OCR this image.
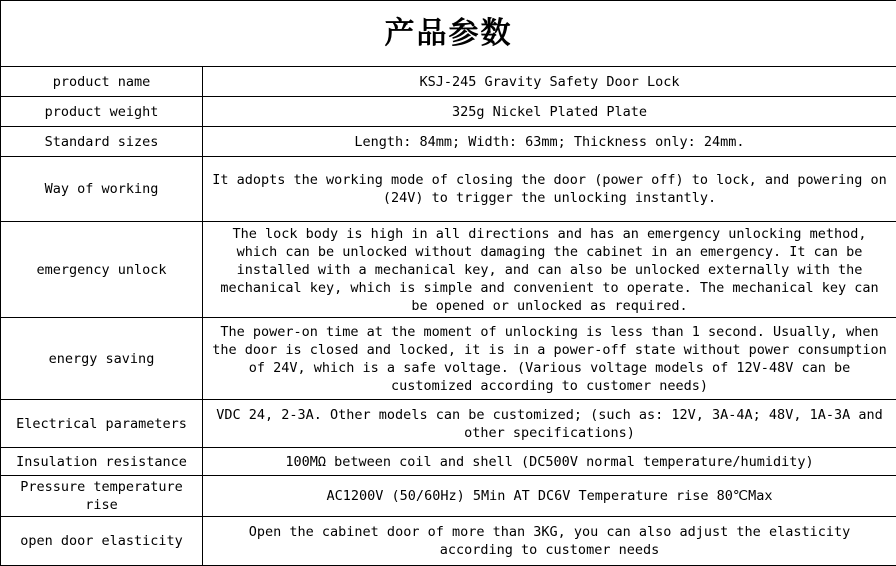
产品参数	
product name	KSJ-245 Gravity Safety Door Lock
product weight	325g Nickel Plated Plate
Standard sizes	Length: 84mm; Width: 63mm; Thickness only: 24mm.
Way of working	It adopts the working mode of closing the door (power off) to lock, and powering on (24V) to trigger the unlocking instantly.
emergency unlock	The lock body is high in all directions and has an emergency unlocking method, which can be unlocked without damaging the cabinet in an emergency. It can be installed with a mechanical key, and can also be unlocked externally with the mechanical key, which is simple and convenient to operate. The mechanical key can be opened or unlocked as required.
energy saving	The power-on time at the moment of unlocking is less than 1 second. Usually, when the door is closed and locked, it is in a power-off state without power consumption of 24V, which is a safe voltage. (Various voltage models of 12V-48V can be customized according to customer needs)
Electrical parameters	VDC 24, 2-3A. Other models can be customized; (such as: 12V, 3A-4A; 48V, 1A-3A and other specifications)
Insulation resistance	100MΩ between coil and shell (DC500V normal temperature/humidity)
Pressure temperature rise	AC1200V (50/60Hz) 5Min AT DC6V Temperature rise 80℃Max
open door elasticity	Open the cabinet door of more than 3KG, you can also adjust the elasticity according to customer needs
